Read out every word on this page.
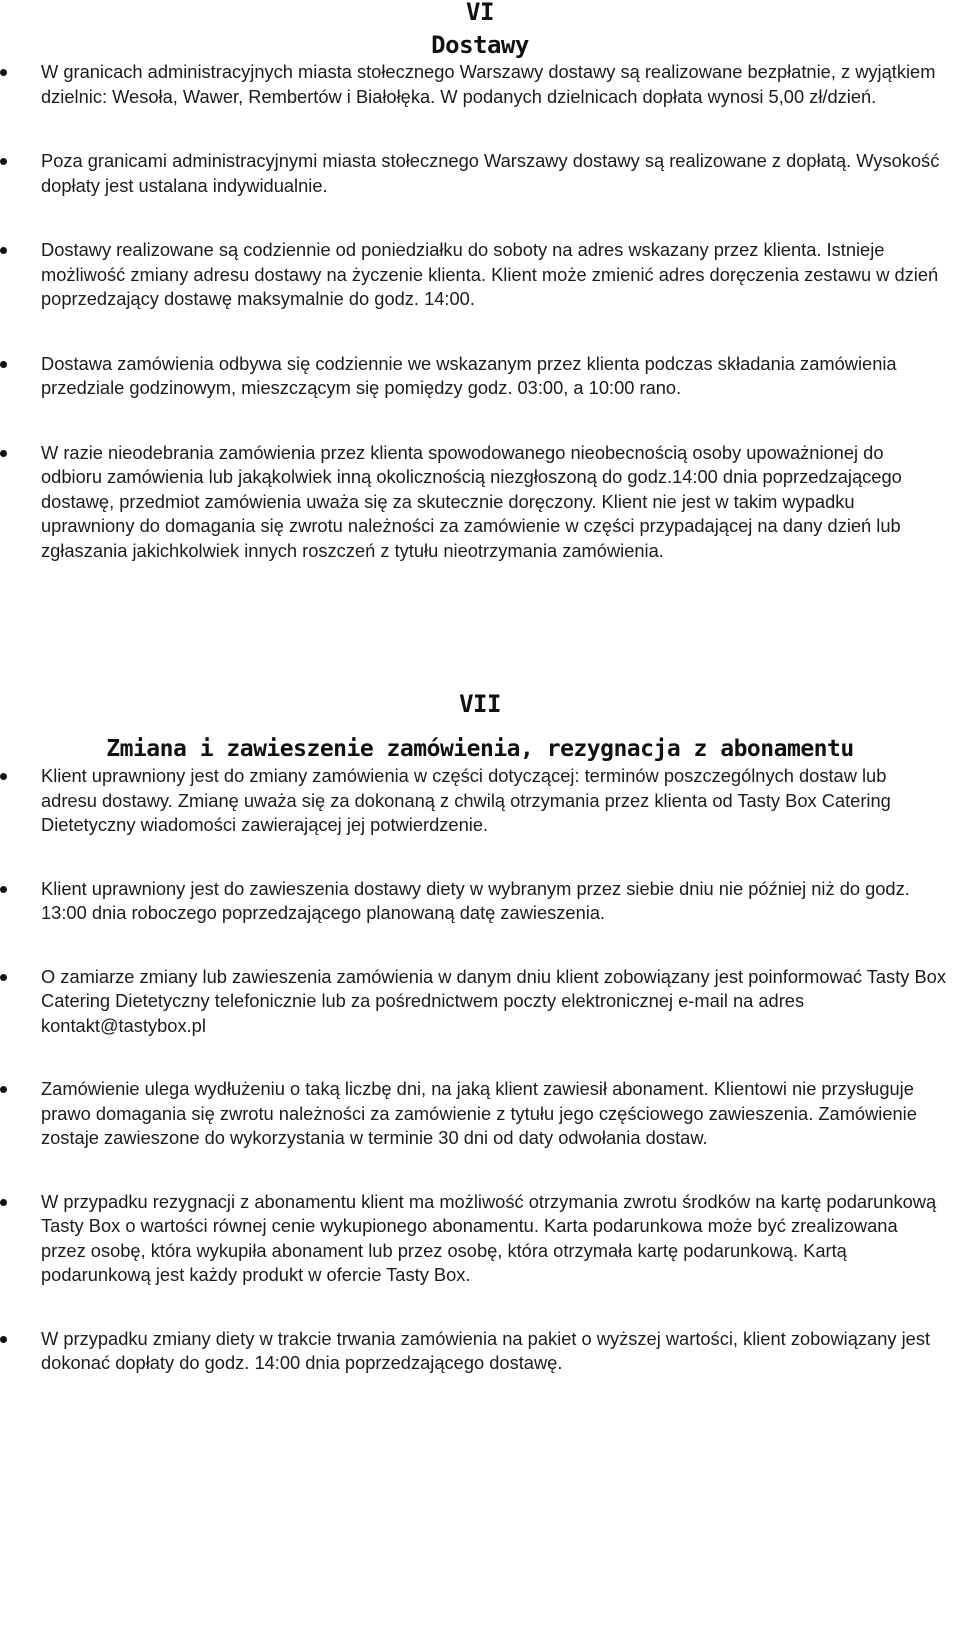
VI
Dostawy
W granicach administracyjnych miasta stołecznego Warszawy dostawy są realizowane bezpłatnie, z wyjątkiem dzielnic: Wesoła, Wawer, Rembertów i Białołęka. W podanych dzielnicach dopłata wynosi 5,00 zł/dzień.
Poza granicami administracyjnymi miasta stołecznego Warszawy dostawy są realizowane z dopłatą. Wysokość dopłaty jest ustalana indywidualnie.
Dostawy realizowane są codziennie od poniedziałku do soboty na adres wskazany przez klienta. Istnieje możliwość zmiany adresu dostawy na życzenie klienta. Klient może zmienić adres doręczenia zestawu w dzień poprzedzający dostawę maksymalnie do godz. 14:00.
Dostawa zamówienia odbywa się codziennie we wskazanym przez klienta podczas składania zamówienia przedziale godzinowym, mieszczącym się pomiędzy godz. 03:00, a 10:00 rano.
W razie nieodebrania zamówienia przez klienta spowodowanego nieobecnością osoby upoważnionej do odbioru zamówienia lub jakąkolwiek inną okolicznością niezgłoszoną do godz.14:00 dnia poprzedzającego dostawę, przedmiot zamówienia uważa się za skutecznie doręczony. Klient nie jest w takim wypadku uprawniony do domagania się zwrotu należności za zamówienie w części przypadającej na dany dzień lub zgłaszania jakichkolwiek innych roszczeń z tytułu nieotrzymania zamówienia.
VII
Zmiana i zawieszenie zamówienia, rezygnacja z abonamentu
Klient uprawniony jest do zmiany zamówienia w części dotyczącej: terminów poszczególnych dostaw lub adresu dostawy. Zmianę uważa się za dokonaną z chwilą otrzymania przez klienta od Tasty Box Catering Dietetyczny wiadomości zawierającej jej potwierdzenie.
Klient uprawniony jest do zawieszenia dostawy diety w wybranym przez siebie dniu nie później niż do godz. 13:00 dnia roboczego poprzedzającego planowaną datę zawieszenia.
O zamiarze zmiany lub zawieszenia zamówienia w danym dniu klient zobowiązany jest poinformować Tasty Box Catering Dietetyczny telefonicznie lub za pośrednictwem poczty elektronicznej e-mail na adres kontakt@tastybox.pl
Zamówienie ulega wydłużeniu o taką liczbę dni, na jaką klient zawiesił abonament. Klientowi nie przysługuje prawo domagania się zwrotu należności za zamówienie z tytułu jego częściowego zawieszenia. Zamówienie zostaje zawieszone do wykorzystania w terminie 30 dni od daty odwołania dostaw.
W przypadku rezygnacji z abonamentu klient ma możliwość otrzymania zwrotu środków na kartę podarunkową Tasty Box o wartości równej cenie wykupionego abonamentu. Karta podarunkowa może być zrealizowana przez osobę, która wykupiła abonament lub przez osobę, która otrzymała kartę podarunkową. Kartą podarunkową jest każdy produkt w ofercie Tasty Box.
W przypadku zmiany diety w trakcie trwania zamówienia na pakiet o wyższej wartości, klient zobowiązany jest dokonać dopłaty do godz. 14:00 dnia poprzedzającego dostawę.
